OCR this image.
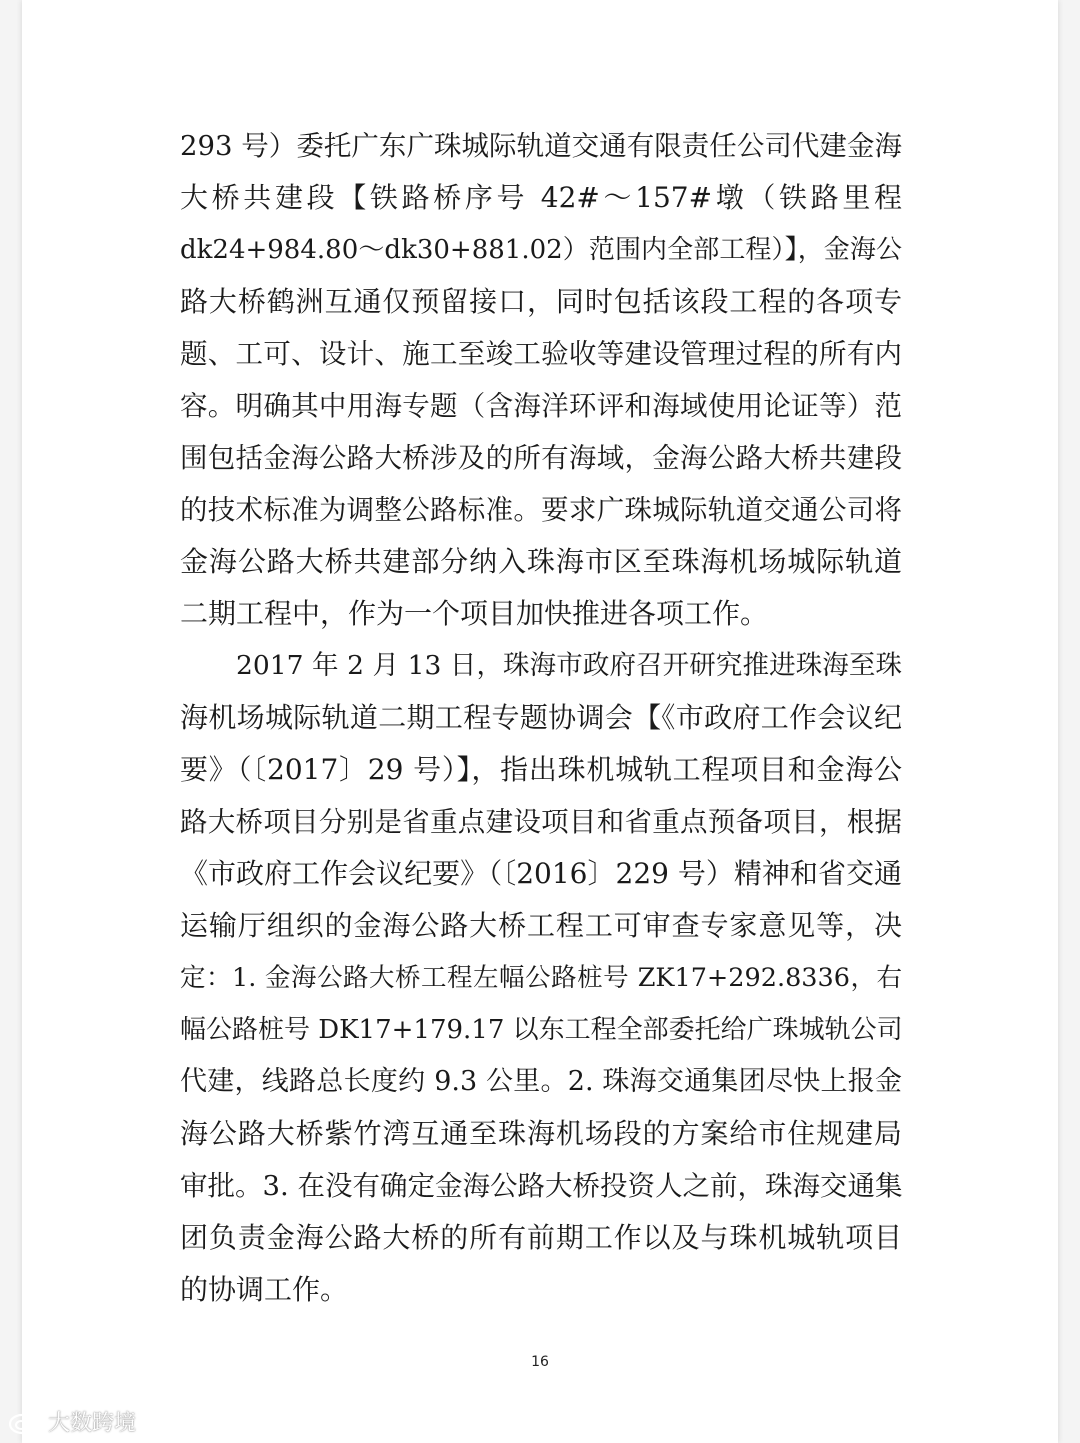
293 号）委托广东广珠城际轨道交通有限责任公司代建金海
大桥共建段【铁路桥序号 42#～157#墩（铁路里程
dk24+984.80～dk30+881.02）范围内全部工程）】，金海公
路大桥鹤洲互通仅预留接口，同时包括该段工程的各项专
题、工可、设计、施工至竣工验收等建设管理过程的所有内
容。明确其中用海专题（含海洋环评和海域使用论证等）范
围包括金海公路大桥涉及的所有海域，金海公路大桥共建段
的技术标准为调整公路标准。要求广珠城际轨道交通公司将
金海公路大桥共建部分纳入珠海市区至珠海机场城际轨道
二期工程中，作为一个项目加快推进各项工作。
2017 年 2 月 13 日，珠海市政府召开研究推进珠海至珠
海机场城际轨道二期工程专题协调会【《市政府工作会议纪
要》（〔2017〕29 号）】，指出珠机城轨工程项目和金海公
路大桥项目分别是省重点建设项目和省重点预备项目，根据
《市政府工作会议纪要》（〔2016〕229 号）精神和省交通
运输厅组织的金海公路大桥工程工可审查专家意见等，决
定：1. 金海公路大桥工程左幅公路桩号 ZK17+292.8336，右
幅公路桩号 DK17+179.17 以东工程全部委托给广珠城轨公司
代建，线路总长度约 9.3 公里。2. 珠海交通集团尽快上报金
海公路大桥紫竹湾互通至珠海机场段的方案给市住规建局
审批。3. 在没有确定金海公路大桥投资人之前，珠海交通集
团负责金海公路大桥的所有前期工作以及与珠机城轨项目
的协调工作。
16
大数跨境
